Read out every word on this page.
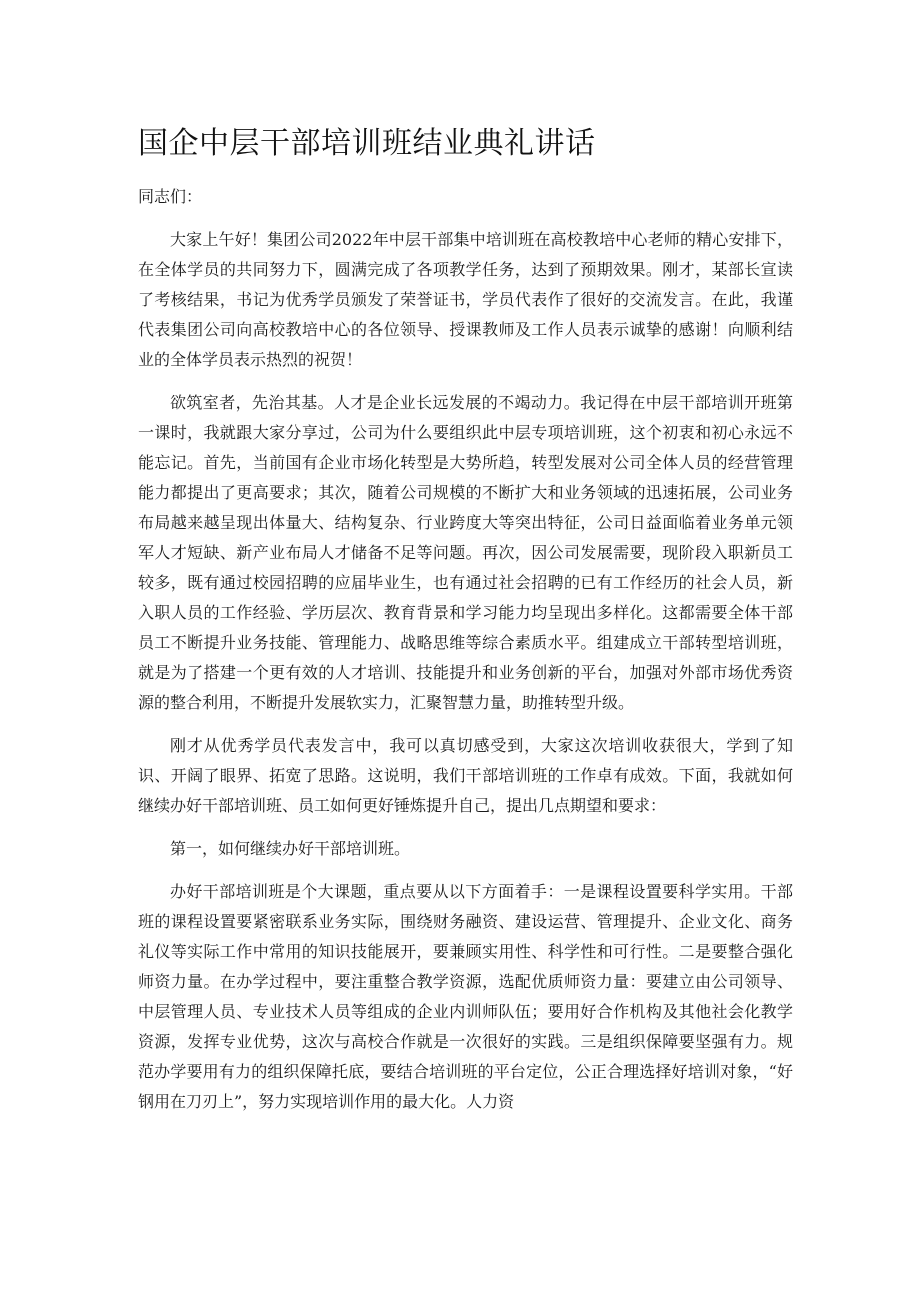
国企中层干部培训班结业典礼讲话

同志们：

大家上午好！集团公司2022年中层干部集中培训班在高校教培中心老师的精心安排下，在全体学员的共同努力下，圆满完成了各项教学任务，达到了预期效果。刚才，某部长宣读了考核结果，书记为优秀学员颁发了荣誉证书，学员代表作了很好的交流发言。在此，我谨代表集团公司向高校教培中心的各位领导、授课教师及工作人员表示诚挚的感谢！向顺利结业的全体学员表示热烈的祝贺！

欲筑室者，先治其基。人才是企业长远发展的不竭动力。我记得在中层干部培训开班第一课时，我就跟大家分享过，公司为什么要组织此中层专项培训班，这个初衷和初心永远不能忘记。首先，当前国有企业市场化转型是大势所趋，转型发展对公司全体人员的经营管理能力都提出了更高要求；其次，随着公司规模的不断扩大和业务领域的迅速拓展，公司业务布局越来越呈现出体量大、结构复杂、行业跨度大等突出特征，公司日益面临着业务单元领军人才短缺、新产业布局人才储备不足等问题。再次，因公司发展需要，现阶段入职新员工较多，既有通过校园招聘的应届毕业生，也有通过社会招聘的已有工作经历的社会人员，新入职人员的工作经验、学历层次、教育背景和学习能力均呈现出多样化。这都需要全体干部员工不断提升业务技能、管理能力、战略思维等综合素质水平。组建成立干部转型培训班，就是为了搭建一个更有效的人才培训、技能提升和业务创新的平台，加强对外部市场优秀资源的整合利用，不断提升发展软实力，汇聚智慧力量，助推转型升级。

刚才从优秀学员代表发言中，我可以真切感受到，大家这次培训收获很大，学到了知识、开阔了眼界、拓宽了思路。这说明，我们干部培训班的工作卓有成效。下面，我就如何继续办好干部培训班、员工如何更好锤炼提升自己，提出几点期望和要求：

第一，如何继续办好干部培训班。

办好干部培训班是个大课题，重点要从以下方面着手：一是课程设置要科学实用。干部班的课程设置要紧密联系业务实际，围绕财务融资、建设运营、管理提升、企业文化、商务礼仪等实际工作中常用的知识技能展开，要兼顾实用性、科学性和可行性。二是要整合强化师资力量。在办学过程中，要注重整合教学资源，选配优质师资力量：要建立由公司领导、中层管理人员、专业技术人员等组成的企业内训师队伍；要用好合作机构及其他社会化教学资源，发挥专业优势，这次与高校合作就是一次很好的实践。三是组织保障要坚强有力。规范办学要用有力的组织保障托底，要结合培训班的平台定位，公正合理选择好培训对象，“好钢用在刀刃上”，努力实现培训作用的最大化。人力资
